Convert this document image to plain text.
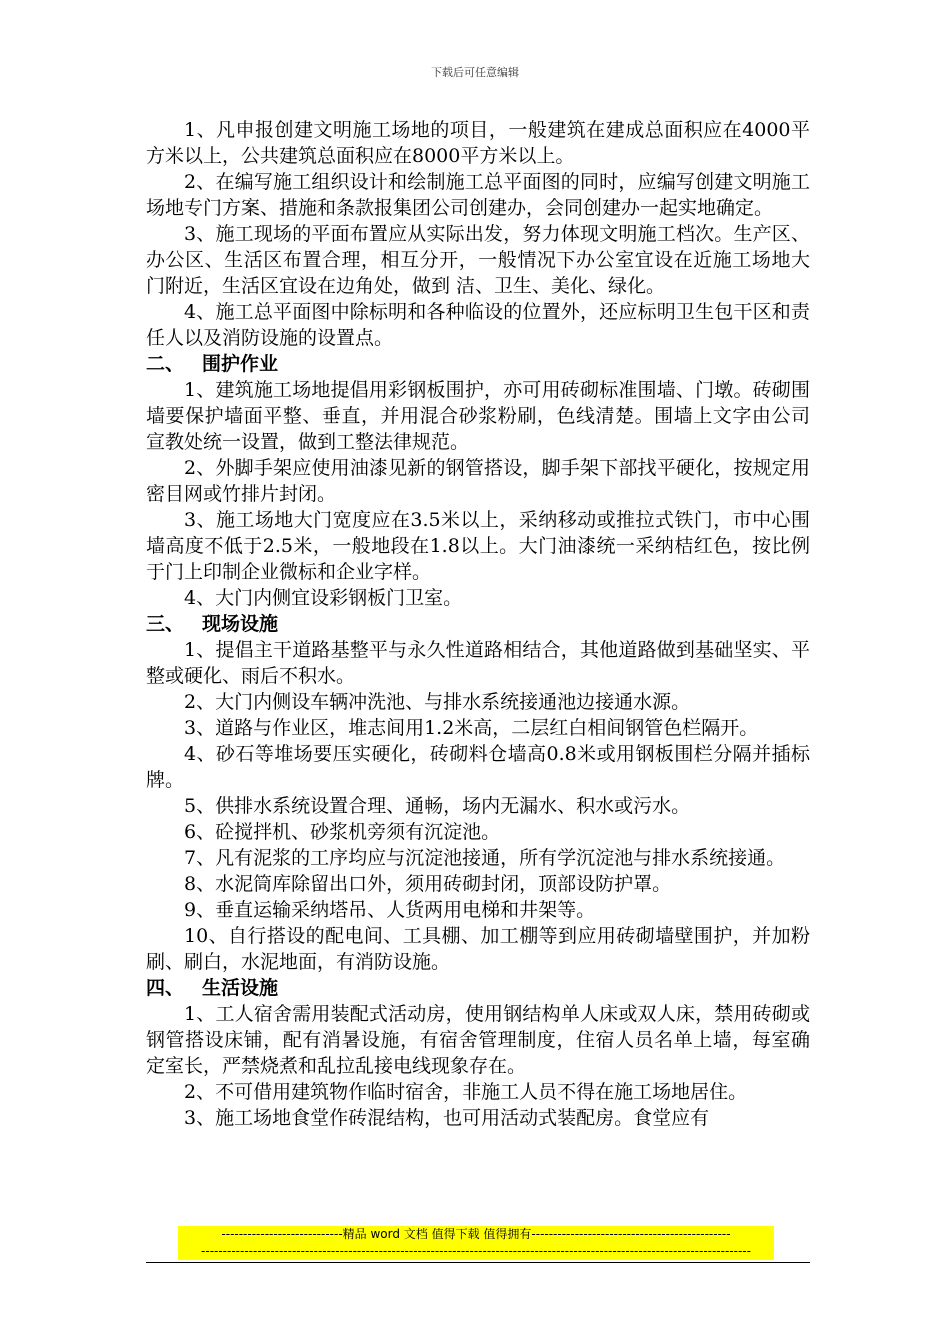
下载后可任意编辑

1、凡申报创建文明施工场地的项目，一般建筑在建成总面积应在4000平方米以上，公共建筑总面积应在8000平方米以上。

2、在编写施工组织设计和绘制施工总平面图的同时，应编写创建文明施工场地专门方案、措施和条款报集团公司创建办，会同创建办一起实地确定。

3、施工现场的平面布置应从实际出发，努力体现文明施工档次。生产区、办公区、生活区布置合理，相互分开，一般情况下办公室宜设在近施工场地大门附近，生活区宜设在边角处，做到 洁、卫生、美化、绿化。

4、施工总平面图中除标明和各种临设的位置外，还应标明卫生包干区和责任人以及消防设施的设置点。

二、 围护作业

1、建筑施工场地提倡用彩钢板围护，亦可用砖砌标准围墙、门墩。砖砌围墙要保护墙面平整、垂直，并用混合砂浆粉刷，色线清楚。围墙上文字由公司宣教处统一设置，做到工整法律规范。

2、外脚手架应使用油漆见新的钢管搭设，脚手架下部找平硬化，按规定用密目网或竹排片封闭。

3、施工场地大门宽度应在3.5米以上，采纳移动或推拉式铁门，市中心围墙高度不低于2.5米，一般地段在1.8以上。大门油漆统一采纳桔红色，按比例于门上印制企业微标和企业字样。

4、大门内侧宜设彩钢板门卫室。

三、 现场设施

1、提倡主干道路基整平与永久性道路相结合，其他道路做到基础坚实、平整或硬化、雨后不积水。

2、大门内侧设车辆冲洗池、与排水系统接通池边接通水源。

3、道路与作业区，堆志间用1.2米高，二层红白相间钢管色栏隔开。

4、砂石等堆场要压实硬化，砖砌料仓墙高0.8米或用钢板围栏分隔并插标牌。

5、供排水系统设置合理、通畅，场内无漏水、积水或污水。

6、砼搅拌机、砂浆机旁须有沉淀池。

7、凡有泥浆的工序均应与沉淀池接通，所有学沉淀池与排水系统接通。

8、水泥筒库除留出口外，须用砖砌封闭，顶部设防护罩。

9、垂直运输采纳塔吊、人货两用电梯和井架等。

10、自行搭设的配电间、工具棚、加工棚等到应用砖砌墙壁围护，并加粉刷、刷白，水泥地面，有消防设施。

四、 生活设施

1、工人宿舍需用装配式活动房，使用钢结构单人床或双人床，禁用砖砌或钢管搭设床铺，配有消暑设施，有宿舍管理制度，住宿人员名单上墙，每室确定室长，严禁烧煮和乱拉乱接电线现象存在。

2、不可借用建筑物作临时宿舍，非施工人员不得在施工场地居住。

3、施工场地食堂作砖混结构，也可用活动式装配房。食堂应有

----------------------------精品 word 文档 值得下载 值得拥有----------------------------------------------
-------------------------------------------------------------------------------------------------------------------------------
